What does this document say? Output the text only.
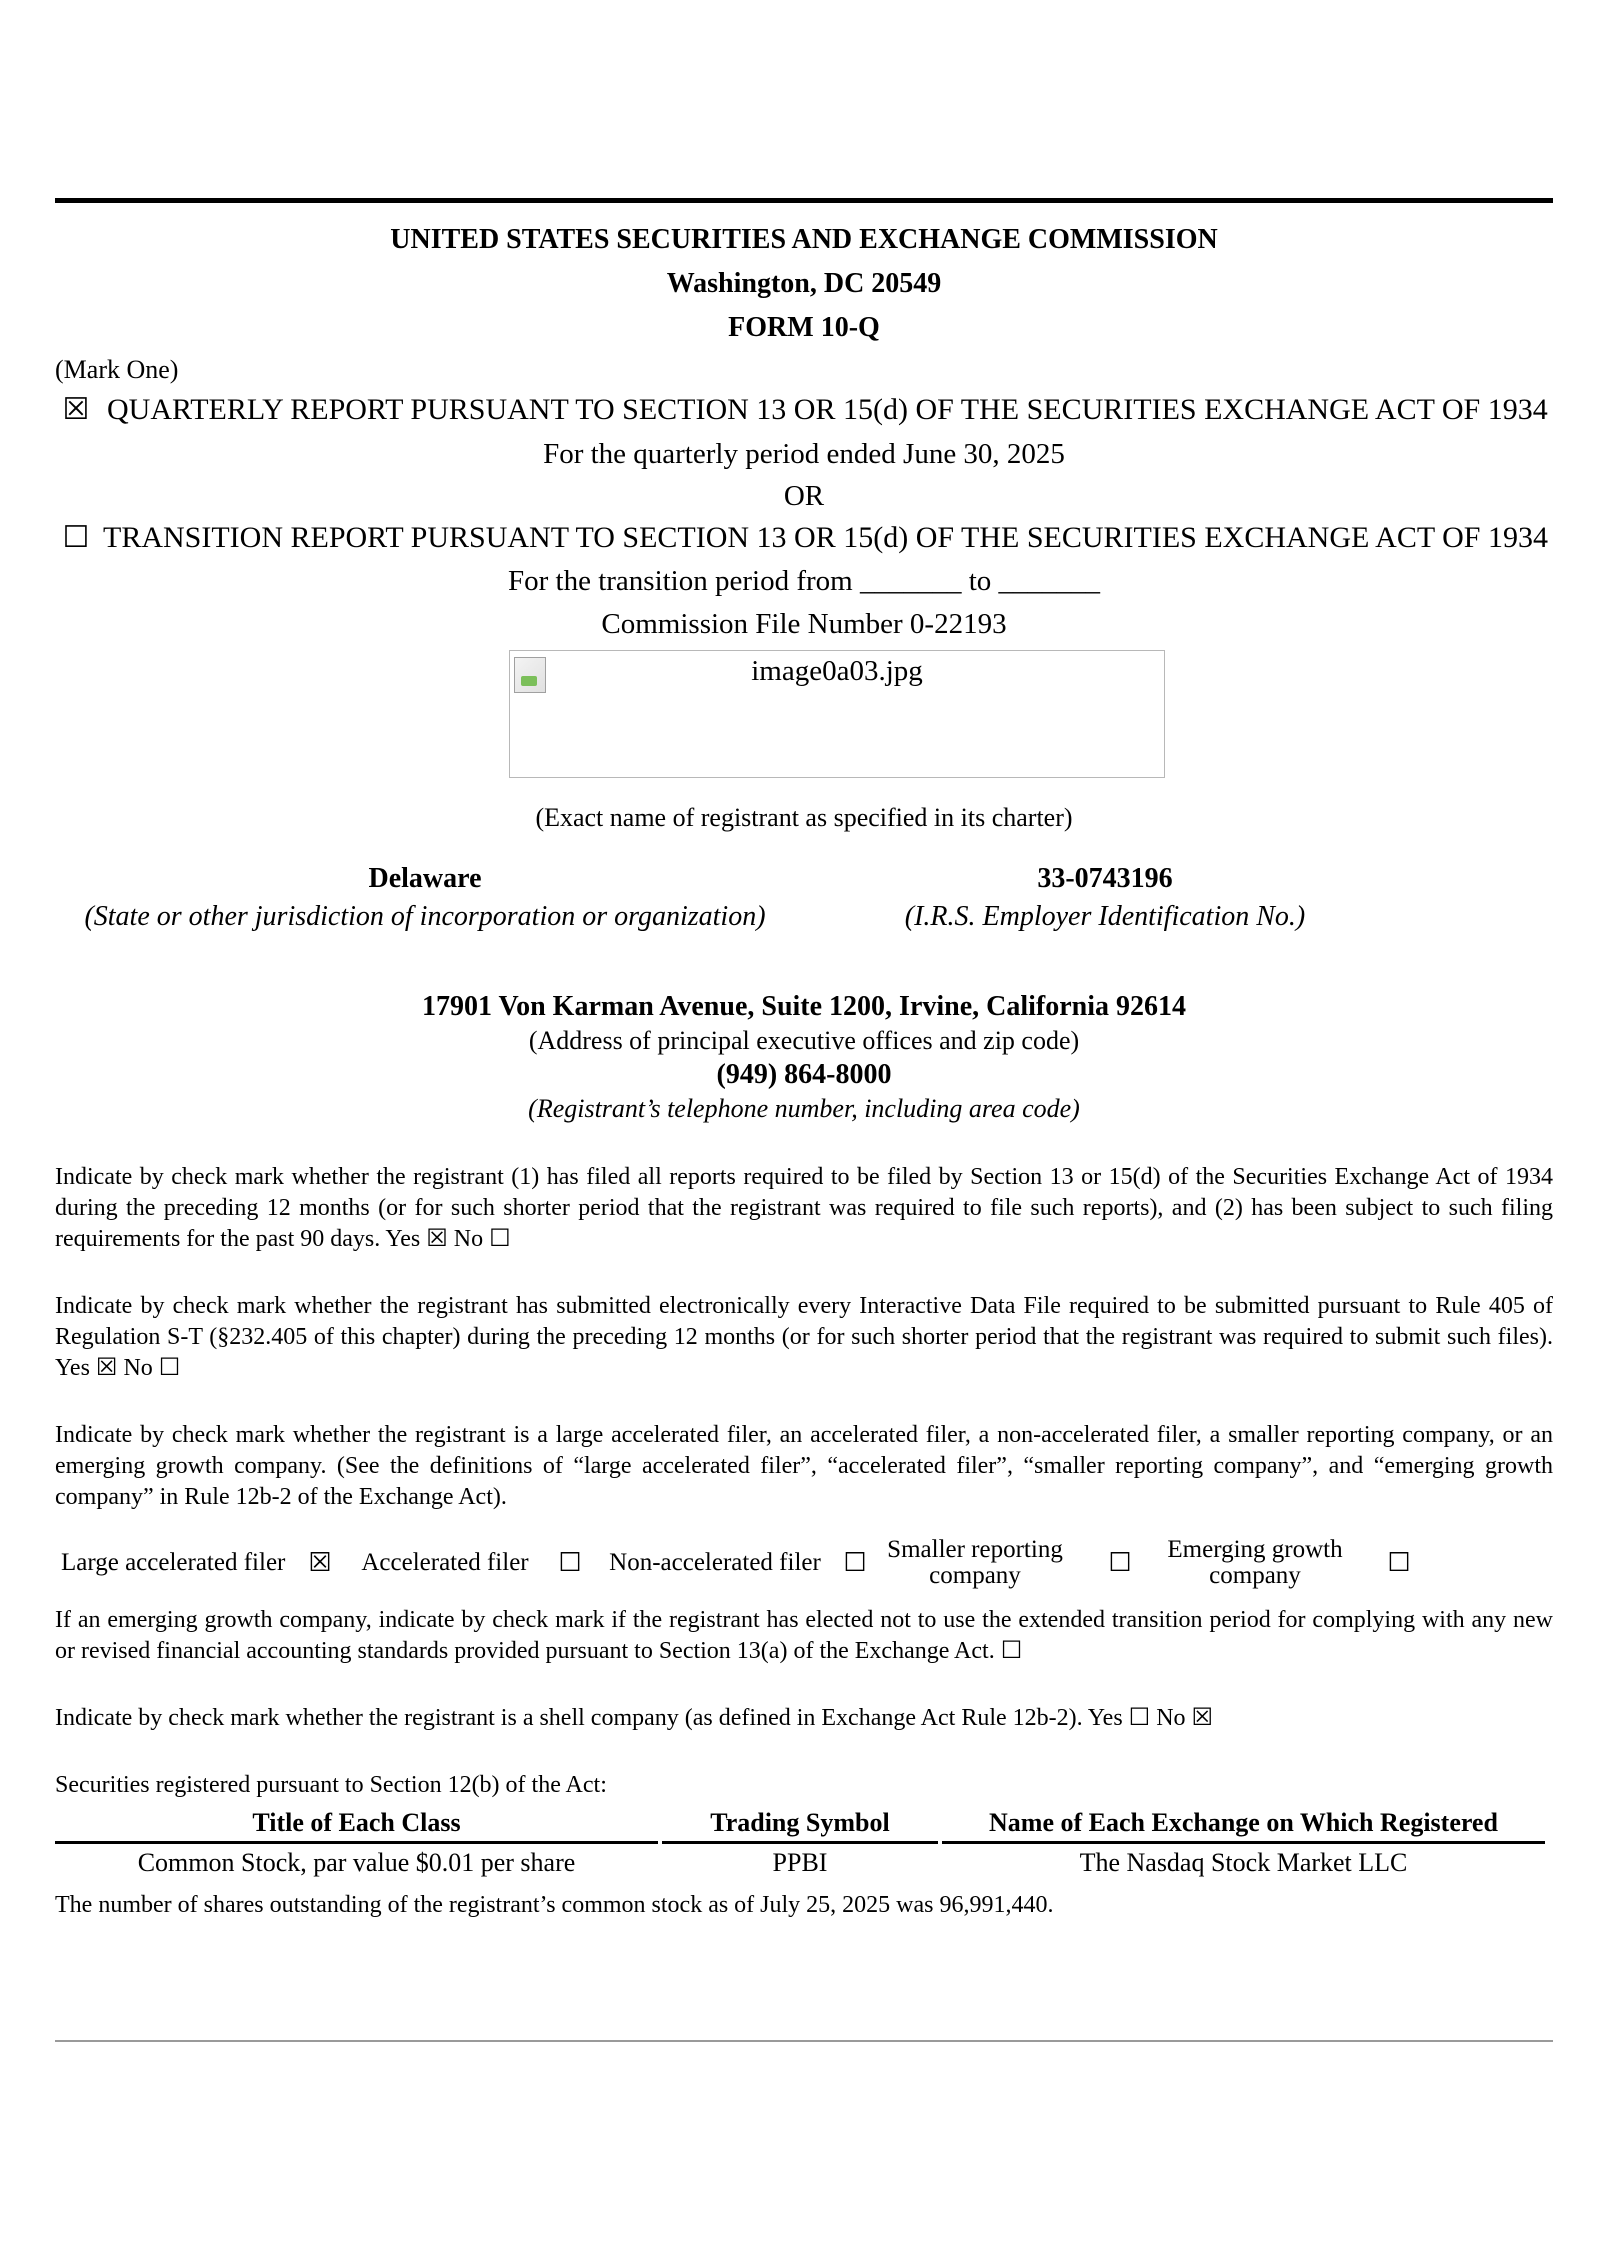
UNITED STATES SECURITIES AND EXCHANGE COMMISSION
Washington, DC 20549
FORM 10-Q
(Mark One)
☒ QUARTERLY REPORT PURSUANT TO SECTION 13 OR 15(d) OF THE SECURITIES EXCHANGE ACT OF 1934
For the quarterly period ended June 30, 2025
OR
☐ TRANSITION REPORT PURSUANT TO SECTION 13 OR 15(d) OF THE SECURITIES EXCHANGE ACT OF 1934
For the transition period from _______ to _______
Commission File Number 0-22193
image0a03.jpg
(Exact name of registrant as specified in its charter)
Delaware
(State or other jurisdiction of incorporation or organization)
33-0743196
(I.R.S. Employer Identification No.)
17901 Von Karman Avenue, Suite 1200, Irvine, California 92614
(Address of principal executive offices and zip code)
(949) 864-8000
(Registrant’s telephone number, including area code)
Indicate by check mark whether the registrant (1) has filed all reports required to be filed by Section 13 or 15(d) of the Securities Exchange Act of 1934 during the preceding 12 months (or for such shorter period that the registrant was required to file such reports), and (2) has been subject to such filing requirements for the past 90 days. Yes ☒ No ☐
Indicate by check mark whether the registrant has submitted electronically every Interactive Data File required to be submitted pursuant to Rule 405 of Regulation S-T (§232.405 of this chapter) during the preceding 12 months (or for such shorter period that the registrant was required to submit such files). Yes ☒ No ☐
Indicate by check mark whether the registrant is a large accelerated filer, an accelerated filer, a non-accelerated filer, a smaller reporting company, or an emerging growth company. (See the definitions of “large accelerated filer”, “accelerated filer”, “smaller reporting company”, and “emerging growth company” in Rule 12b-2 of the Exchange Act).
Large accelerated filer ☒	Accelerated filer	☐	Non-accelerated filer ☐ Smaller reporting company	☐	Emerging growth company	☐
If an emerging growth company, indicate by check mark if the registrant has elected not to use the extended transition period for complying with any new or revised financial accounting standards provided pursuant to Section 13(a) of the Exchange Act. ☐
Indicate by check mark whether the registrant is a shell company (as defined in Exchange Act Rule 12b-2). Yes ☐ No ☒
Securities registered pursuant to Section 12(b) of the Act:
Title of Each Class	Trading Symbol	Name of Each Exchange on Which Registered
Common Stock, par value $0.01 per share	PPBI	The Nasdaq Stock Market LLC
The number of shares outstanding of the registrant’s common stock as of July 25, 2025 was 96,991,440.
